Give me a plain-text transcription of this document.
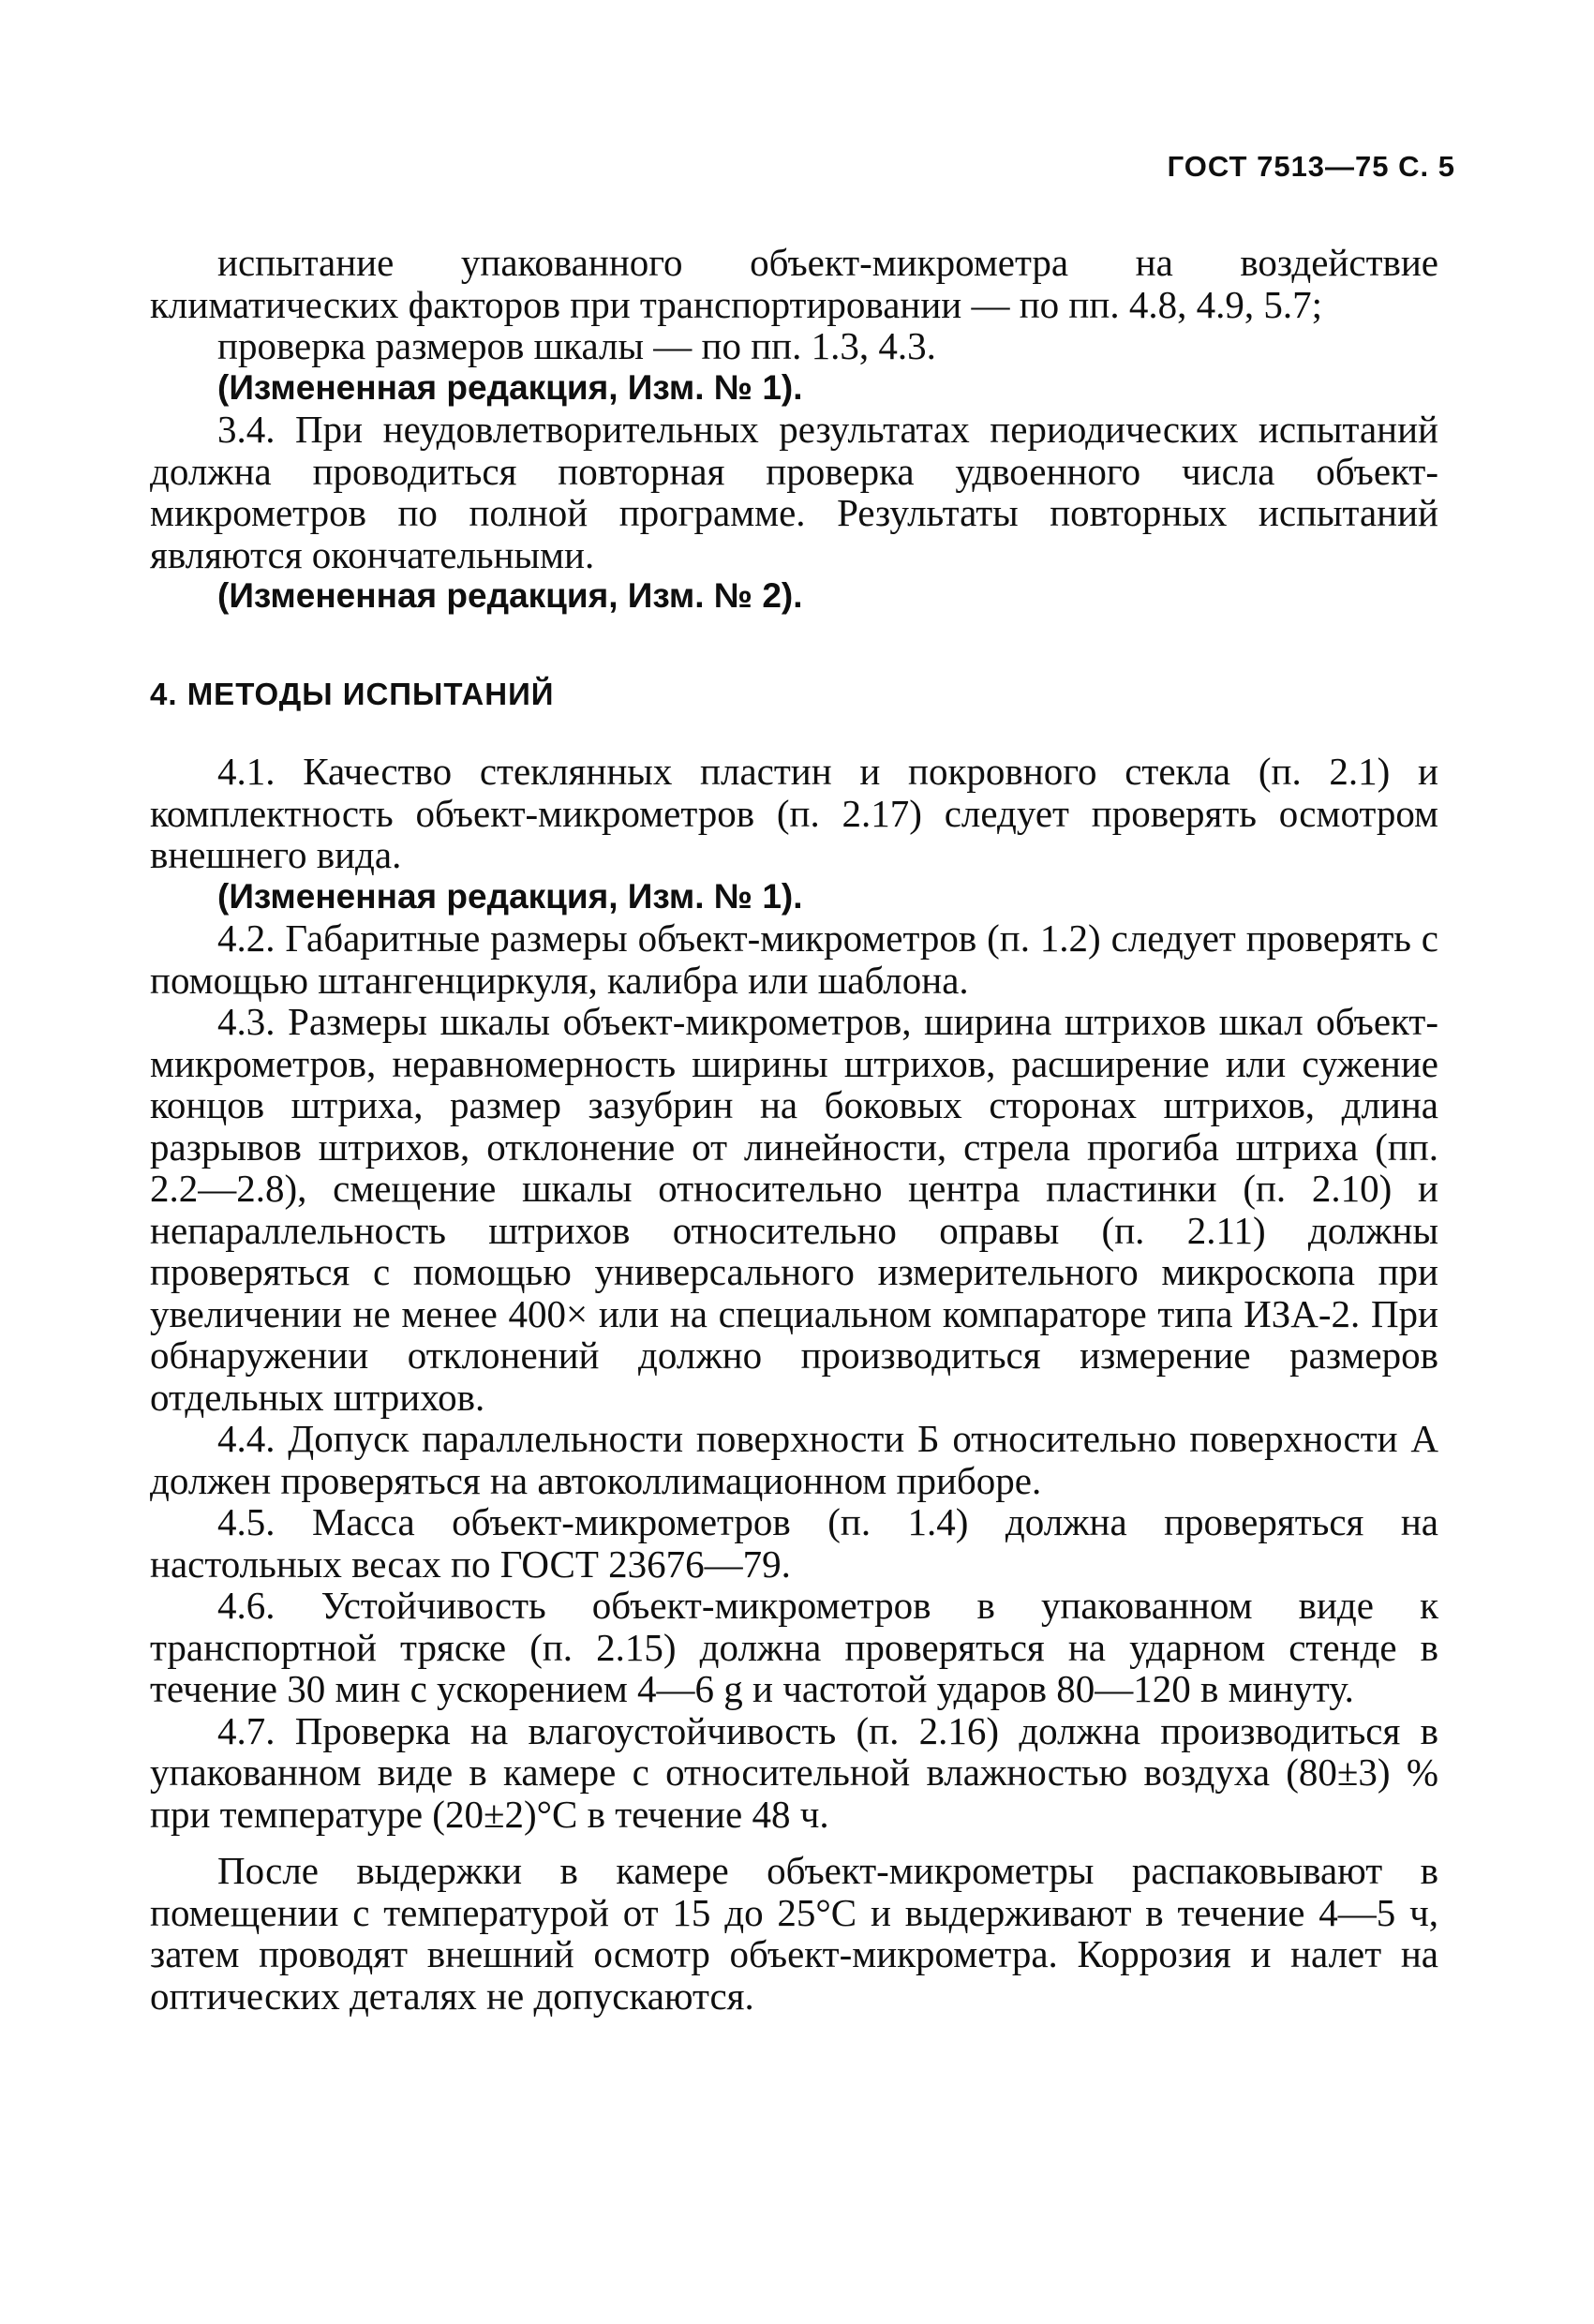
ГОСТ 7513—75 С. 5

испытание упакованного объект-микрометра на воздействие климатических факторов при транспортировании — по пп. 4.8, 4.9, 5.7;

проверка размеров шкалы — по пп. 1.3, 4.3.

(Измененная редакция, Изм. № 1).

3.4. При неудовлетворительных результатах периодических испытаний должна проводиться повторная проверка удвоенного числа объект-микрометров по полной программе. Результаты повторных испытаний являются окончательными.

(Измененная редакция, Изм. № 2).

4. МЕТОДЫ ИСПЫТАНИЙ

4.1. Качество стеклянных пластин и покровного стекла (п. 2.1) и комплектность объект-микрометров (п. 2.17) следует проверять осмотром внешнего вида.

(Измененная редакция, Изм. № 1).

4.2. Габаритные размеры объект-микрометров (п. 1.2) следует проверять с помощью штангенциркуля, калибра или шаблона.

4.3. Размеры шкалы объект-микрометров, ширина штрихов шкал объект-микрометров, неравномерность ширины штрихов, расширение или сужение концов штриха, размер зазубрин на боковых сторонах штрихов, длина разрывов штрихов, отклонение от линейности, стрела прогиба штриха (пп. 2.2—2.8), смещение шкалы относительно центра пластинки (п. 2.10) и непараллельность штрихов относительно оправы (п. 2.11) должны проверяться с помощью универсального измерительного микроскопа при увеличении не менее 400× или на специальном компараторе типа ИЗА-2. При обнаружении отклонений должно производиться измерение размеров отдельных штрихов.

4.4. Допуск параллельности поверхности Б относительно поверхности А должен проверяться на автоколлимационном приборе.

4.5. Масса объект-микрометров (п. 1.4) должна проверяться на настольных весах по ГОСТ 23676—79.

4.6. Устойчивость объект-микрометров в упакованном виде к транспортной тряске (п. 2.15) должна проверяться на ударном стенде в течение 30 мин с ускорением 4—6 g и частотой ударов 80—120 в минуту.

4.7. Проверка на влагоустойчивость (п. 2.16) должна производиться в упакованном виде в камере с относительной влажностью воздуха (80±3) % при температуре (20±2)°С в течение 48 ч.

После выдержки в камере объект-микрометры распаковывают в помещении с температурой от 15 до 25°С и выдерживают в течение 4—5 ч, затем проводят внешний осмотр объект-микрометра. Коррозия и налет на оптических деталях не допускаются.
